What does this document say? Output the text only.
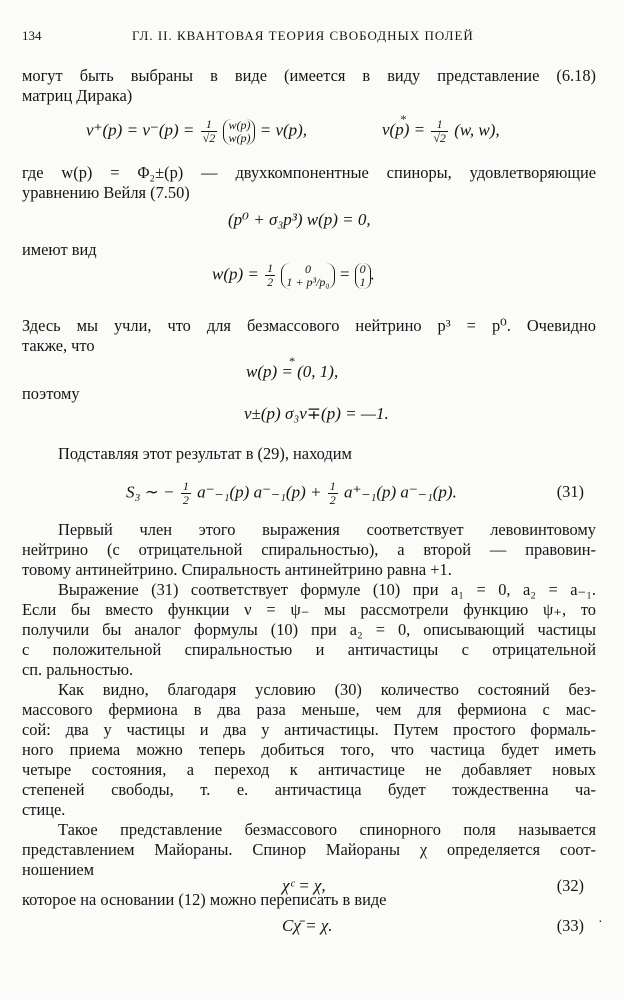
134	ГЛ. II. КВАНТОВАЯ ТЕОРИЯ СВОБОДНЫХ ПОЛЕЙ
могут быть выбраны в виде (имеется в виду представление (6.18)
матриц Дирака)
$v^+(p) = v^-(p) = \frac{1}{√2}$
w(p)
w(p) = v(p),
*	$v(p) = \frac{1}{√2} (w$, w),
где w(p) = Φ₂±(p) — двухкомпонентные спиноры, удовлетворяющие
уравнению Вейля (7.50)
(p⁰ + σ₃p³) w(p) = 0,
имеют вид
$w(p) = \frac{1}{2}$
	0
1 + p³/p₀ = 0
1 .
Здесь мы учли, что для безмассового нейтрино p³ = p⁰. Очевидно
также, что
* w(p) = (0, 1),
поэтому
v±(p) σ₃v∓(p) = —1.
Подставляя этот результат в (29), находим
S₃ ∼ − $\frac{1}{2} a^-_{-1}(p) a^-_{-1}(p) + \frac{1}{2} a^+_{-1}(p)$ a⁻₋₁(p).	(31)
Первый член этого выражения соответствует левовинтовому
нейтрино (с отрицательной спиральностью), а второй — правовин-
товому антинейтрино. Спиральность антинейтрино равна +1.
Выражение (31) соответствует формуле (10) при a₁ = 0, a₂ = a₋₁.
Если бы вместо функции ν = ψ₋ мы рассмотрели функцию ψ₊, то
получили бы аналог формулы (10) при a₂ = 0, описывающий частицы
с положительной спиральностью и античастицы с отрицательной
сп. ральностью.
Как видно, благодаря условию (30) количество состояний без-
массового фермиона в два раза меньше, чем для фермиона с мас-
сой: два у частицы и два у античастицы. Путем простого формаль-
ного приема можно теперь добиться того, что частица будет иметь
четыре состояния, а переход к античастице не добавляет новых
степеней свободы, т. е. античастица будет тождественна ча-
стице.
Такое представление безмассового спинорного поля называется
представлением Майораны. Спинор Майораны χ определяется соот-
ношением
χᶜ = χ,	(32)
которое на основании (12) можно переписать в виде
Cχ̄ = χ.	(33) ·
